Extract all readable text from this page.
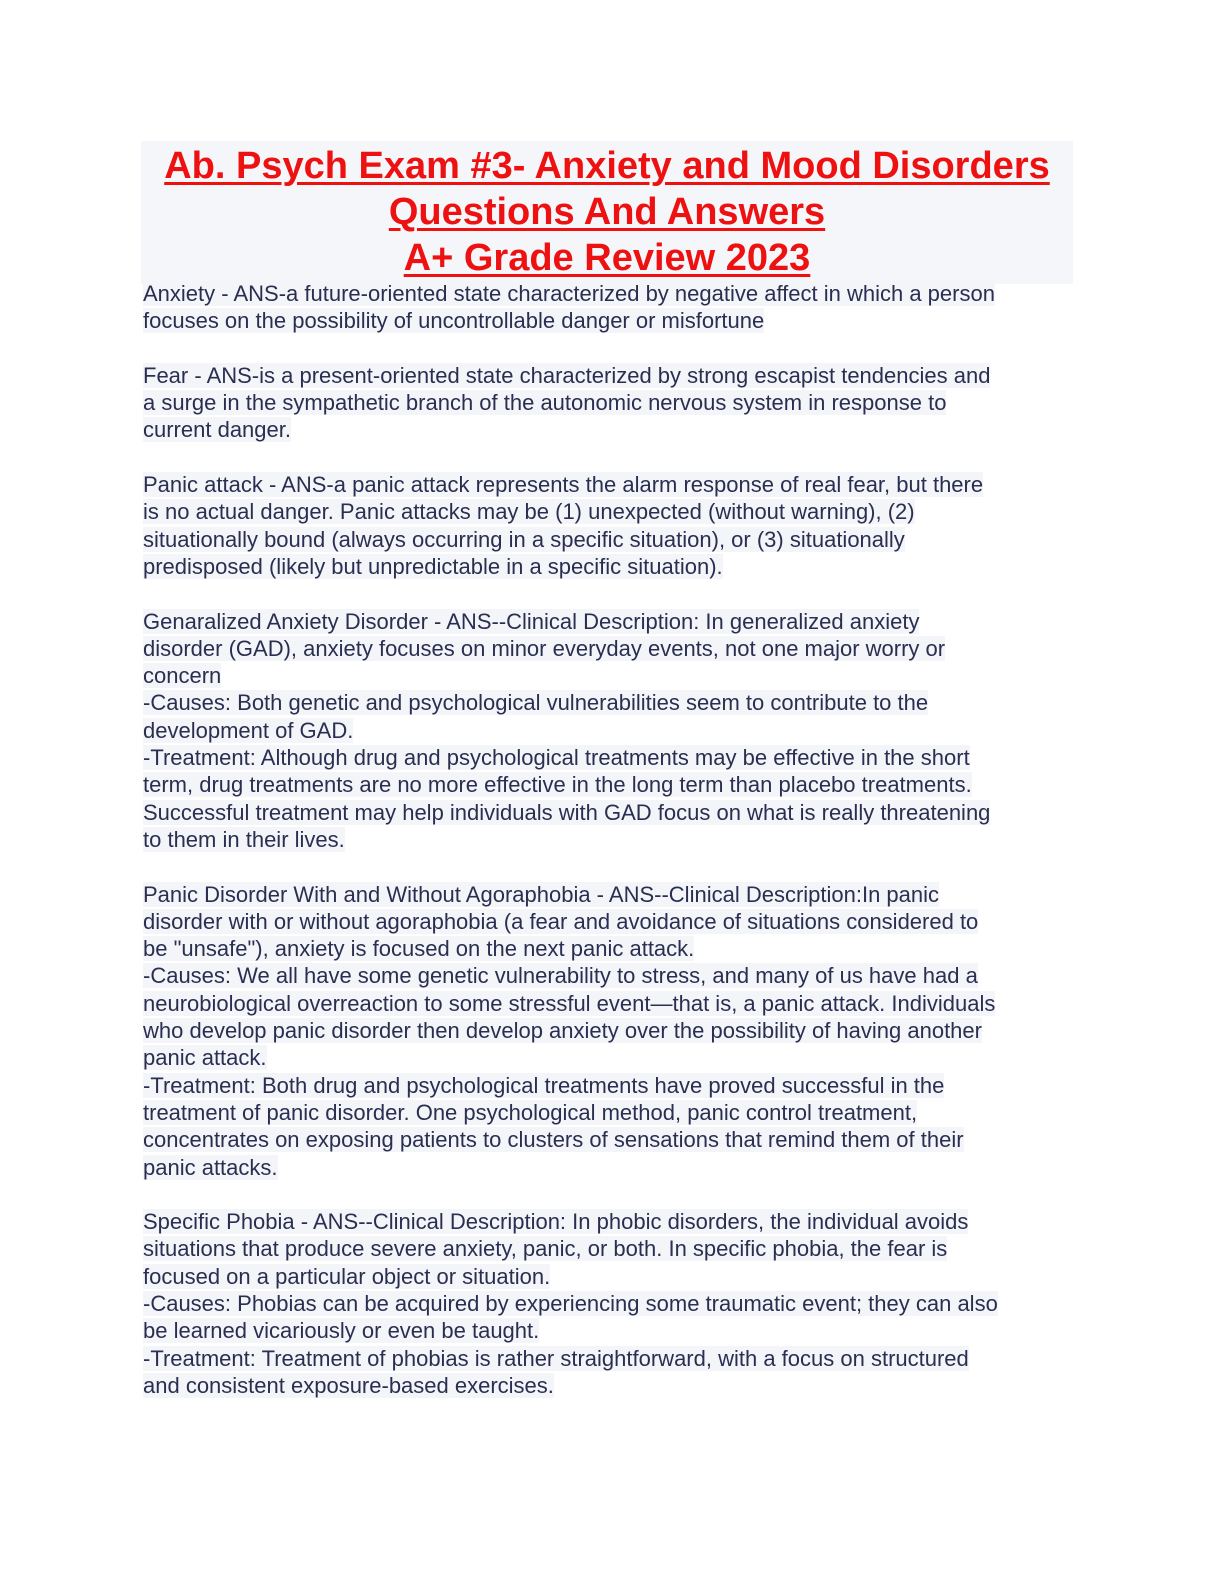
Ab. Psych Exam #3- Anxiety and Mood Disorders
Questions And Answers
A+ Grade Review 2023
Anxiety - ANS-a future-oriented state characterized by negative affect in which a person
focuses on the possibility of uncontrollable danger or misfortune
Fear - ANS-is a present-oriented state characterized by strong escapist tendencies and
a surge in the sympathetic branch of the autonomic nervous system in response to
current danger.
Panic attack - ANS-a panic attack represents the alarm response of real fear, but there
is no actual danger. Panic attacks may be (1) unexpected (without warning), (2)
situationally bound (always occurring in a specific situation), or (3) situationally
predisposed (likely but unpredictable in a specific situation).
Genaralized Anxiety Disorder - ANS--Clinical Description: In generalized anxiety
disorder (GAD), anxiety focuses on minor everyday events, not one major worry or
concern
-Causes: Both genetic and psychological vulnerabilities seem to contribute to the
development of GAD.
-Treatment: Although drug and psychological treatments may be effective in the short
term, drug treatments are no more effective in the long term than placebo treatments.
Successful treatment may help individuals with GAD focus on what is really threatening
to them in their lives.
Panic Disorder With and Without Agoraphobia - ANS--Clinical Description:In panic
disorder with or without agoraphobia (a fear and avoidance of situations considered to
be "unsafe"), anxiety is focused on the next panic attack.
-Causes: We all have some genetic vulnerability to stress, and many of us have had a
neurobiological overreaction to some stressful event—that is, a panic attack. Individuals
who develop panic disorder then develop anxiety over the possibility of having another
panic attack.
-Treatment: Both drug and psychological treatments have proved successful in the
treatment of panic disorder. One psychological method, panic control treatment,
concentrates on exposing patients to clusters of sensations that remind them of their
panic attacks.
Specific Phobia - ANS--Clinical Description: In phobic disorders, the individual avoids
situations that produce severe anxiety, panic, or both. In specific phobia, the fear is
focused on a particular object or situation.
-Causes: Phobias can be acquired by experiencing some traumatic event; they can also
be learned vicariously or even be taught.
-Treatment: Treatment of phobias is rather straightforward, with a focus on structured
and consistent exposure-based exercises.
